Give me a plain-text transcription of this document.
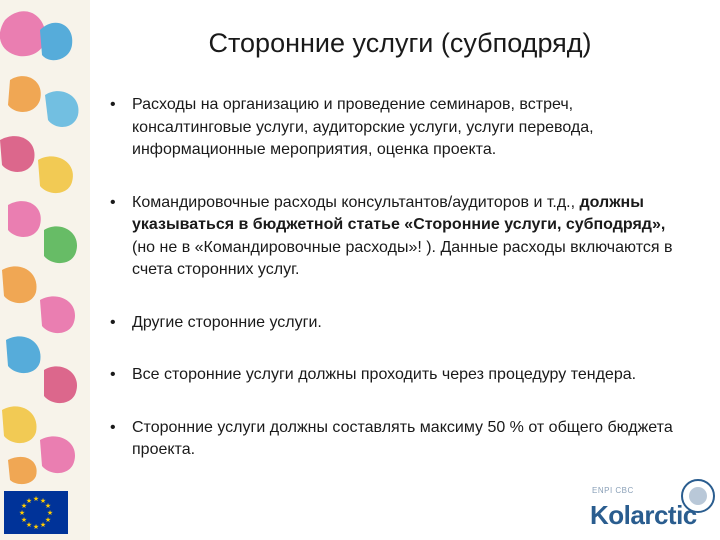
Сторонние услуги (субподряд)
• Расходы на организацию и проведение семинаров, встреч, консалтинговые услуги, аудиторские услуги, услуги перевода, информационные мероприятия, оценка проекта.
• Командировочные расходы консультантов/аудиторов и т.д., должны указываться в бюджетной статье «Сторонние услуги, субподряд», (но не в «Командировочные расходы»! ). Данные расходы включаются в счета сторонних услуг.
• Другие сторонние услуги.
• Все сторонние услуги должны проходить через процедуру тендера.
• Сторонние услуги должны составлять максиму 50 % от общего бюджета проекта.
★ ★
★
★
★
★
★
★
★
★
★
★
ENPI CBC
Kolarctic
